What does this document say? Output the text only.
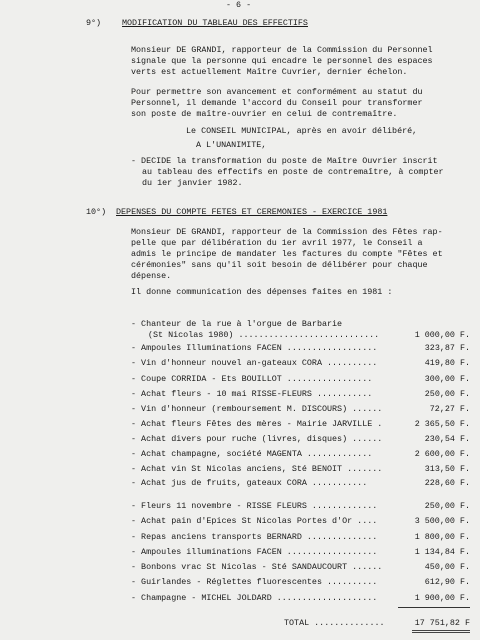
- 6 -
9°) MODIFICATION DU TABLEAU DES EFFECTIFS
Monsieur DE GRANDI, rapporteur de la Commission du Personnel
signale que la personne qui encadre le personnel des espaces
verts est actuellement Maître Cuvrier, dernier échelon.
Pour permettre son avancement et conformément au statut du
Personnel, il demande l'accord du Conseil pour transformer
son poste de maître-ouvrier en celui de contremaître.
Le CONSEIL MUNICIPAL, après en avoir délibéré,
A L'UNANIMITE,
- DECIDE la transformation du poste de Maître Ouvrier inscrit
au tableau des effectifs en poste de contremaître, à compter
du 1er janvier 1982.
10°) DEPENSES DU COMPTE FETES ET CEREMONIES - EXERCICE 1981
Monsieur DE GRANDI, rapporteur de la Commission des Fêtes rap-
pelle que par délibération du 1er avril 1977, le Conseil a
admis le principe de mandater les factures du compte "Fêtes et
cérémonies" sans qu'il soit besoin de délibérer pour chaque
dépense.
Il donne communication des dépenses faites en 1981 :
- Chanteur de la rue à l'orgue de Barbarie
(St Nicolas 1980) ............................	1 000,00 F.
- Ampoules Illuminations FACEN ..................	323,87 F.
- Vin d'honneur nouvel an-gateaux CORA ..........	419,80 F.
- Coupe CORRIDA - Ets BOUILLOT .................	300,00 F.
- Achat fleurs - 10 mai RISSE-FLEURS ...........	250,00 F.
- Vin d'honneur (remboursement M. DISCOURS) ......	72,27 F.
- Achat fleurs Fêtes des mères - Mairie JARVILLE .	2 365,50 F.
- Achat divers pour ruche (livres, disques) ......	230,54 F.
- Achat champagne, société MAGENTA .............	2 600,00 F.
- Achat vin St Nicolas anciens, Sté BENOIT .......	313,50 F.
- Achat jus de fruits, gateaux CORA ...........	228,60 F.
- Fleurs 11 novembre - RISSE FLEURS .............	250,00 F.
- Achat pain d'Epices St Nicolas Portes d'Or ....	3 500,00 F.
- Repas anciens transports BERNARD ..............	1 800,00 F.
- Ampoules illuminations FACEN ..................	1 134,84 F.
- Bonbons vrac St Nicolas - Sté SANDAUCOURT ......	450,00 F.
- Guirlandes - Réglettes fluorescentes ..........	612,90 F.
- Champagne - MICHEL JOLDARD ....................	1 900,00 F.
TOTAL ..............	17 751,82 F
